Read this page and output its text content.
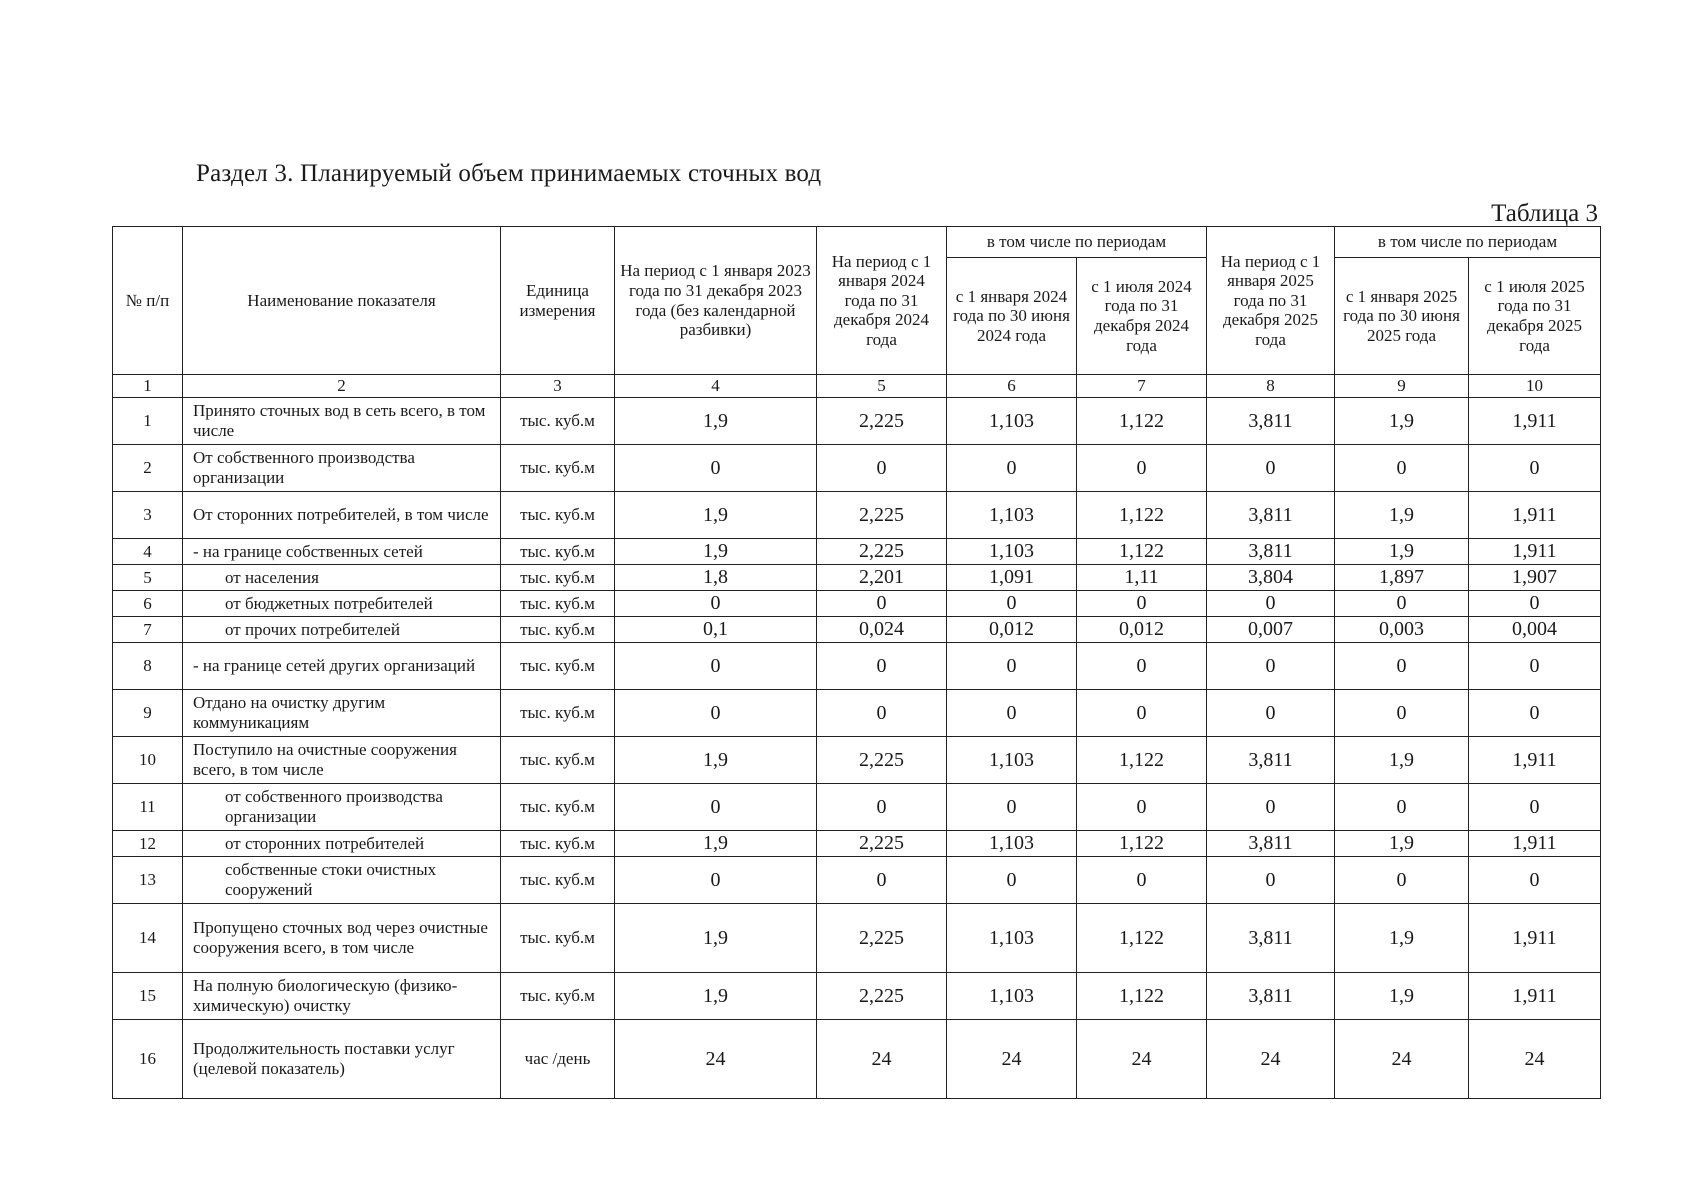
Раздел 3. Планируемый объем принимаемых сточных вод
Таблица 3
№ п/п	Наименование показателя	Единица измерения	На период с 1 января 2023 года по 31 декабря 2023 года (без календарной разбивки)	На период с 1 января 2024 года по 31 декабря 2024 года	в том числе по периодам		На период с 1 января 2025 года по 31 декабря 2025 года	в том числе по периодам	
					с 1 января 2024 года по 30 июня 2024 года	с 1 июля 2024 года по 31 декабря 2024 года		с 1 января 2025 года по 30 июня 2025 года	с 1 июля 2025 года по 31 декабря 2025 года
1	2	3	4	5	6	7	8	9	10
1	Принято сточных вод в сеть всего, в том числе	тыс. куб.м	1,9	2,225	1,103	1,122	3,811	1,9	1,911
2	От собственного производства организации	тыс. куб.м	0	0	0	0	0	0	0
3	От сторонних потребителей, в том числе	тыс. куб.м	1,9	2,225	1,103	1,122	3,811	1,9	1,911
4	- на границе собственных сетей	тыс. куб.м	1,9	2,225	1,103	1,122	3,811	1,9	1,911
5	от населения	тыс. куб.м	1,8	2,201	1,091	1,11	3,804	1,897	1,907
6	от бюджетных потребителей	тыс. куб.м	0	0	0	0	0	0	0
7	от прочих потребителей	тыс. куб.м	0,1	0,024	0,012	0,012	0,007	0,003	0,004
8	- на границе сетей других организаций	тыс. куб.м	0	0	0	0	0	0	0
9	Отдано на очистку другим коммуникациям	тыс. куб.м	0	0	0	0	0	0	0
10	Поступило на очистные сооружения всего, в том числе	тыс. куб.м	1,9	2,225	1,103	1,122	3,811	1,9	1,911
11	от собственного производства организации	тыс. куб.м	0	0	0	0	0	0	0
12	от сторонних потребителей	тыс. куб.м	1,9	2,225	1,103	1,122	3,811	1,9	1,911
13	собственные стоки очистных сооружений	тыс. куб.м	0	0	0	0	0	0	0
14	Пропущено сточных вод через очистные сооружения всего, в том числе	тыс. куб.м	1,9	2,225	1,103	1,122	3,811	1,9	1,911
15	На полную биологическую (физико-химическую) очистку	тыс. куб.м	1,9	2,225	1,103	1,122	3,811	1,9	1,911
16	Продолжительность поставки услуг (целевой показатель)	час /день	24	24	24	24	24	24	24
